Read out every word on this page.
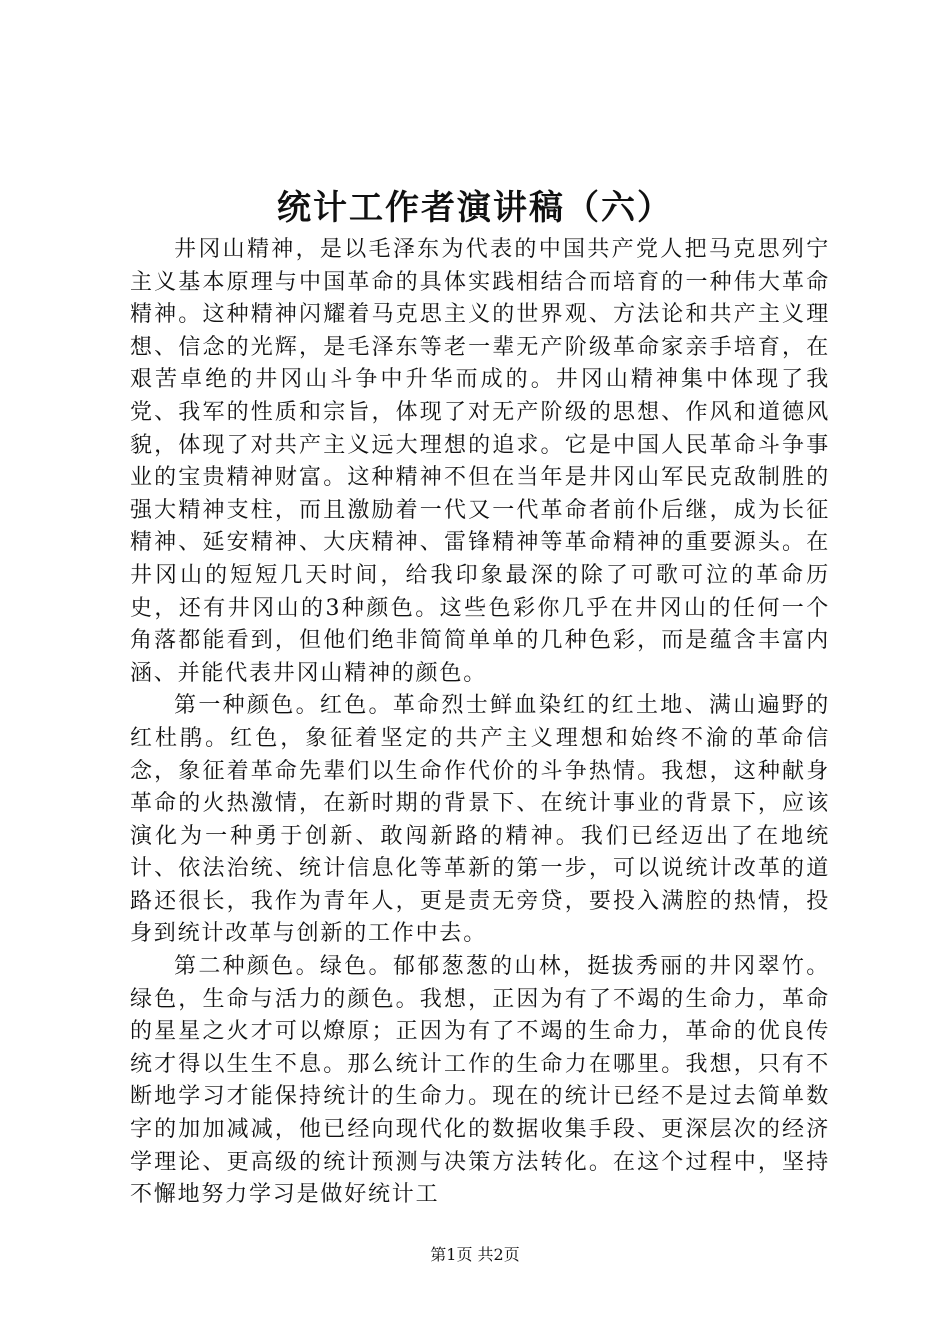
统计工作者演讲稿（六）

井冈山精神，是以毛泽东为代表的中国共产党人把马克思列宁主义基本原理与中国革命的具体实践相结合而培育的一种伟大革命精神。这种精神闪耀着马克思主义的世界观、方法论和共产主义理想、信念的光辉，是毛泽东等老一辈无产阶级革命家亲手培育，在艰苦卓绝的井冈山斗争中升华而成的。井冈山精神集中体现了我党、我军的性质和宗旨，体现了对无产阶级的思想、作风和道德风貌，体现了对共产主义远大理想的追求。它是中国人民革命斗争事业的宝贵精神财富。这种精神不但在当年是井冈山军民克敌制胜的强大精神支柱，而且激励着一代又一代革命者前仆后继，成为长征精神、延安精神、大庆精神、雷锋精神等革命精神的重要源头。在井冈山的短短几天时间，给我印象最深的除了可歌可泣的革命历史，还有井冈山的3种颜色。这些色彩你几乎在井冈山的任何一个角落都能看到，但他们绝非简简单单的几种色彩，而是蕴含丰富内涵、并能代表井冈山精神的颜色。

第一种颜色。红色。革命烈士鲜血染红的红土地、满山遍野的红杜鹃。红色，象征着坚定的共产主义理想和始终不渝的革命信念，象征着革命先辈们以生命作代价的斗争热情。我想，这种献身革命的火热激情，在新时期的背景下、在统计事业的背景下，应该演化为一种勇于创新、敢闯新路的精神。我们已经迈出了在地统计、依法治统、统计信息化等革新的第一步，可以说统计改革的道路还很长，我作为青年人，更是责无旁贷，要投入满腔的热情，投身到统计改革与创新的工作中去。

第二种颜色。绿色。郁郁葱葱的山林，挺拔秀丽的井冈翠竹。绿色，生命与活力的颜色。我想，正因为有了不竭的生命力，革命的星星之火才可以燎原；正因为有了不竭的生命力，革命的优良传统才得以生生不息。那么统计工作的生命力在哪里。我想，只有不断地学习才能保持统计的生命力。现在的统计已经不是过去简单数字的加加减减，他已经向现代化的数据收集手段、更深层次的经济学理论、更高级的统计预测与决策方法转化。在这个过程中，坚持不懈地努力学习是做好统计工

第1页 共2页
